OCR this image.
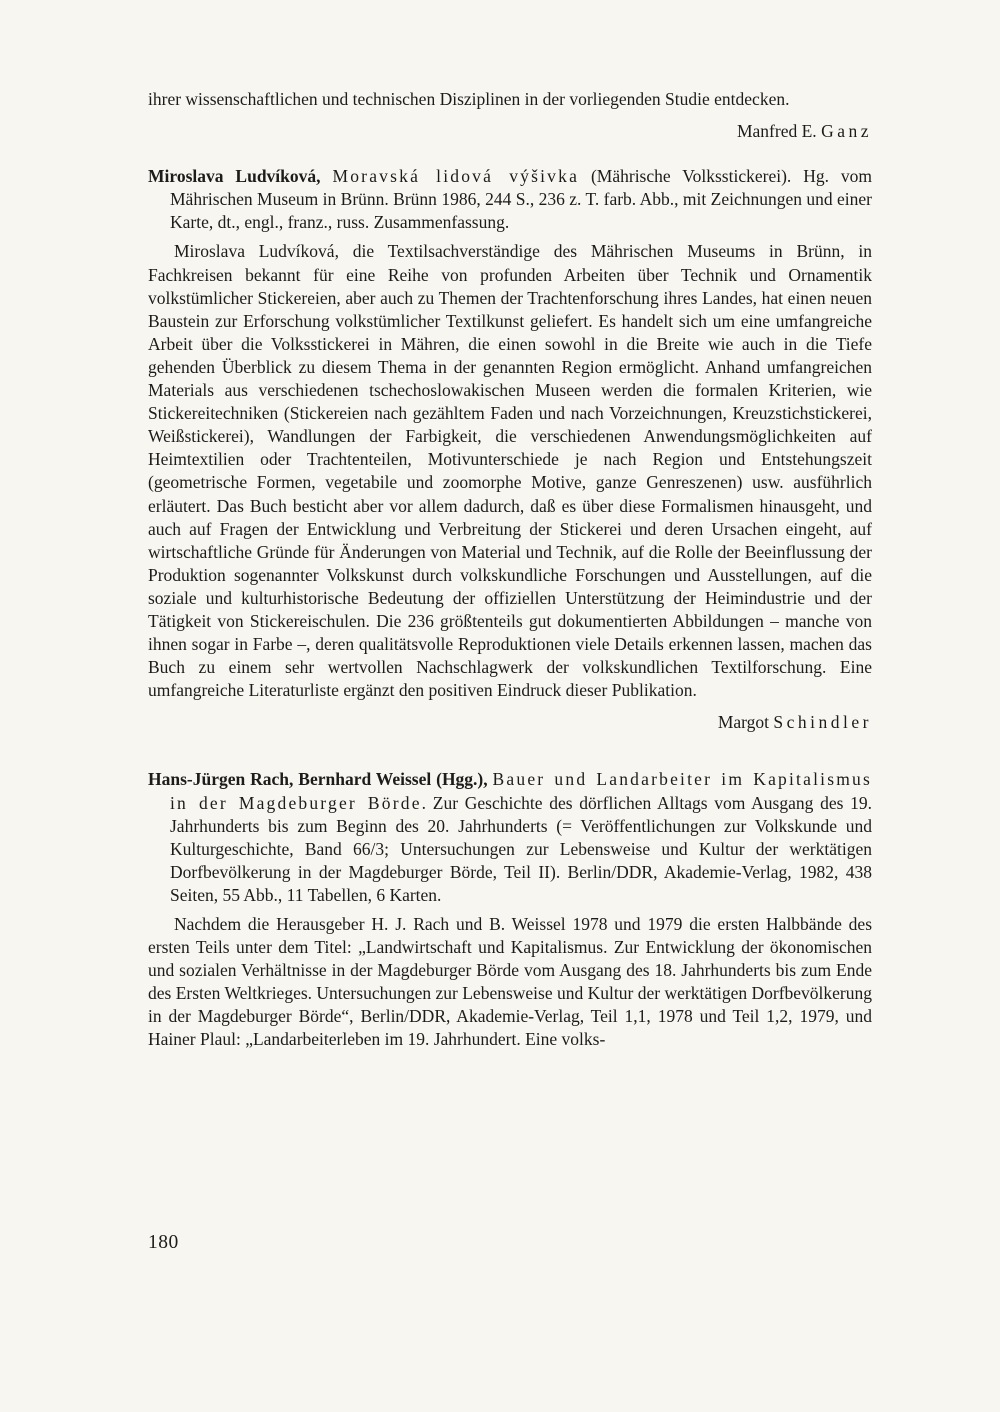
ihrer wissenschaftlichen und technischen Disziplinen in der vorliegenden Studie entdecken.

Manfred E. Ganz

Miroslava Ludvíková, Moravská lidová výšivka (Mährische Volksstickerei). Hg. vom Mährischen Museum in Brünn. Brünn 1986, 244 S., 236 z. T. farb. Abb., mit Zeichnungen und einer Karte, dt., engl., franz., russ. Zusammenfassung.

Miroslava Ludvíková, die Textilsachverständige des Mährischen Museums in Brünn, in Fachkreisen bekannt für eine Reihe von profunden Arbeiten über Technik und Ornamentik volkstümlicher Stickereien, aber auch zu Themen der Trachtenforschung ihres Landes, hat einen neuen Baustein zur Erforschung volkstümlicher Textilkunst geliefert. Es handelt sich um eine umfangreiche Arbeit über die Volksstickerei in Mähren, die einen sowohl in die Breite wie auch in die Tiefe gehenden Überblick zu diesem Thema in der genannten Region ermöglicht. Anhand umfangreichen Materials aus verschiedenen tschechoslowakischen Museen werden die formalen Kriterien, wie Stickereitechniken (Stickereien nach gezähltem Faden und nach Vorzeichnungen, Kreuzstichstickerei, Weißstickerei), Wandlungen der Farbigkeit, die verschiedenen Anwendungsmöglichkeiten auf Heimtextilien oder Trachtenteilen, Motivunterschiede je nach Region und Entstehungszeit (geometrische Formen, vegetabile und zoomorphe Motive, ganze Genreszenen) usw. ausführlich erläutert. Das Buch besticht aber vor allem dadurch, daß es über diese Formalismen hinausgeht, und auch auf Fragen der Entwicklung und Verbreitung der Stickerei und deren Ursachen eingeht, auf wirtschaftliche Gründe für Änderungen von Material und Technik, auf die Rolle der Beeinflussung der Produktion sogenannter Volkskunst durch volkskundliche Forschungen und Ausstellungen, auf die soziale und kulturhistorische Bedeutung der offiziellen Unterstützung der Heimindustrie und der Tätigkeit von Stickereischulen. Die 236 größtenteils gut dokumentierten Abbildungen – manche von ihnen sogar in Farbe –, deren qualitätsvolle Reproduktionen viele Details erkennen lassen, machen das Buch zu einem sehr wertvollen Nachschlagwerk der volkskundlichen Textilforschung. Eine umfangreiche Literaturliste ergänzt den positiven Eindruck dieser Publikation.

Margot Schindler

Hans-Jürgen Rach, Bernhard Weissel (Hgg.), Bauer und Landarbeiter im Kapitalismus in der Magdeburger Börde. Zur Geschichte des dörflichen Alltags vom Ausgang des 19. Jahrhunderts bis zum Beginn des 20. Jahrhunderts (= Veröffentlichungen zur Volkskunde und Kulturgeschichte, Band 66/3; Untersuchungen zur Lebensweise und Kultur der werktätigen Dorfbevölkerung in der Magdeburger Börde, Teil II). Berlin/DDR, Akademie-Verlag, 1982, 438 Seiten, 55 Abb., 11 Tabellen, 6 Karten.

Nachdem die Herausgeber H. J. Rach und B. Weissel 1978 und 1979 die ersten Halbbände des ersten Teils unter dem Titel: „Landwirtschaft und Kapitalismus. Zur Entwicklung der ökonomischen und sozialen Verhältnisse in der Magdeburger Börde vom Ausgang des 18. Jahrhunderts bis zum Ende des Ersten Weltkrieges. Untersuchungen zur Lebensweise und Kultur der werktätigen Dorfbevölkerung in der Magdeburger Börde“, Berlin/DDR, Akademie-Verlag, Teil 1,1, 1978 und Teil 1,2, 1979, und Hainer Plaul: „Landarbeiterleben im 19. Jahrhundert. Eine volks-

180
